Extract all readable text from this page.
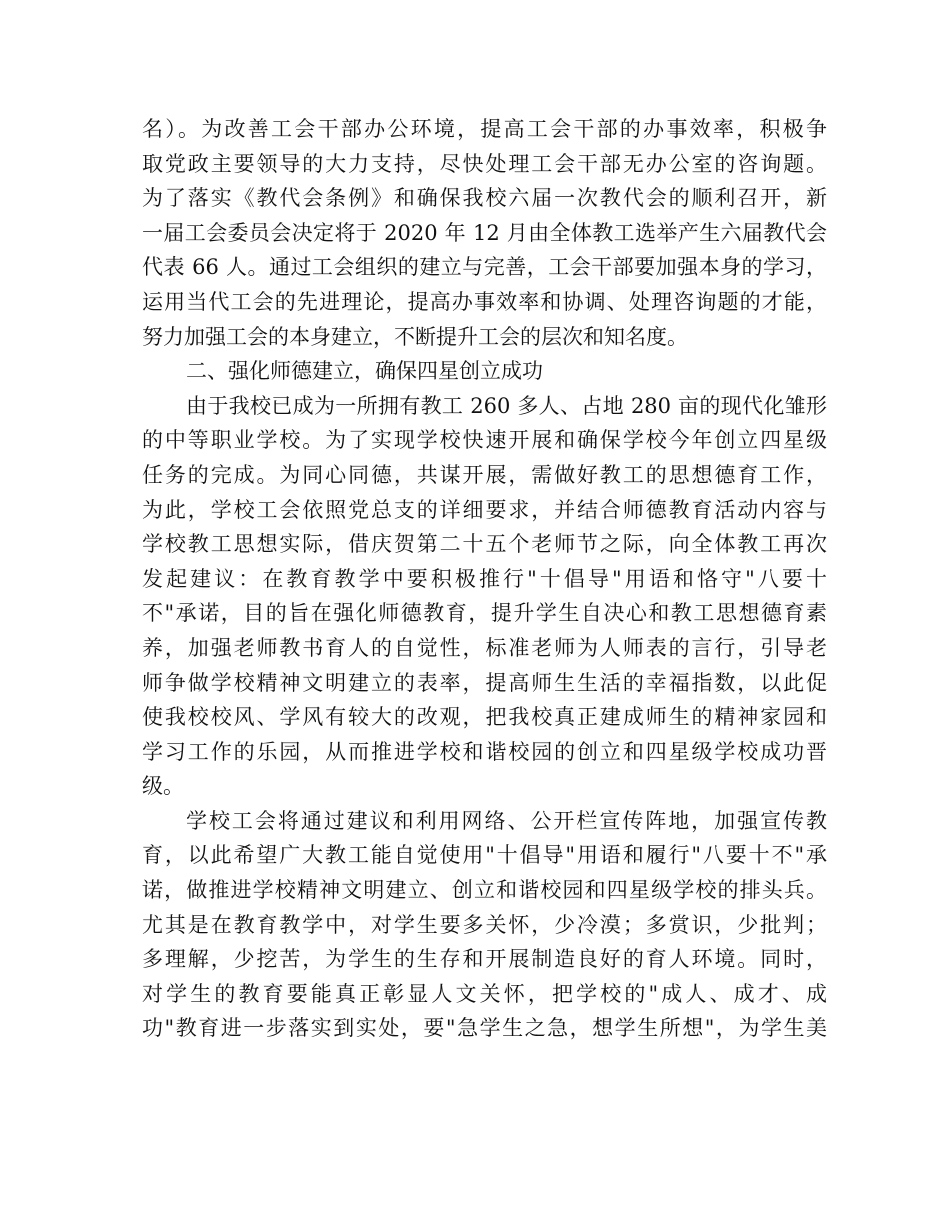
名）。为改善工会干部办公环境，提高工会干部的办事效率，积极争
取党政主要领导的大力支持，尽快处理工会干部无办公室的咨询题。
为了落实《教代会条例》和确保我校六届一次教代会的顺利召开，新
一届工会委员会决定将于 2020 年 12 月由全体教工选举产生六届教代会
代表 66 人。通过工会组织的建立与完善，工会干部要加强本身的学习，
运用当代工会的先进理论，提高办事效率和协调、处理咨询题的才能，
努力加强工会的本身建立，不断提升工会的层次和知名度。
二、强化师德建立，确保四星创立成功
由于我校已成为一所拥有教工 260 多人、占地 280 亩的现代化雏形
的中等职业学校。为了实现学校快速开展和确保学校今年创立四星级
任务的完成。为同心同德，共谋开展，需做好教工的思想德育工作，
为此，学校工会依照党总支的详细要求，并结合师德教育活动内容与
学校教工思想实际，借庆贺第二十五个老师节之际，向全体教工再次
发起建议：在教育教学中要积极推行"十倡导"用语和恪守"八要十
不"承诺，目的旨在强化师德教育，提升学生自决心和教工思想德育素
养，加强老师教书育人的自觉性，标准老师为人师表的言行，引导老
师争做学校精神文明建立的表率，提高师生生活的幸福指数，以此促
使我校校风、学风有较大的改观，把我校真正建成师生的精神家园和
学习工作的乐园，从而推进学校和谐校园的创立和四星级学校成功晋
级。
学校工会将通过建议和利用网络、公开栏宣传阵地，加强宣传教
育，以此希望广大教工能自觉使用"十倡导"用语和履行"八要十不"承
诺，做推进学校精神文明建立、创立和谐校园和四星级学校的排头兵。
尤其是在教育教学中，对学生要多关怀，少冷漠；多赏识，少批判；
多理解，少挖苦，为学生的生存和开展制造良好的育人环境。同时，
对学生的教育要能真正彰显人文关怀，把学校的"成人、成才、成
功"教育进一步落实到实处，要"急学生之急，想学生所想"，为学生美
